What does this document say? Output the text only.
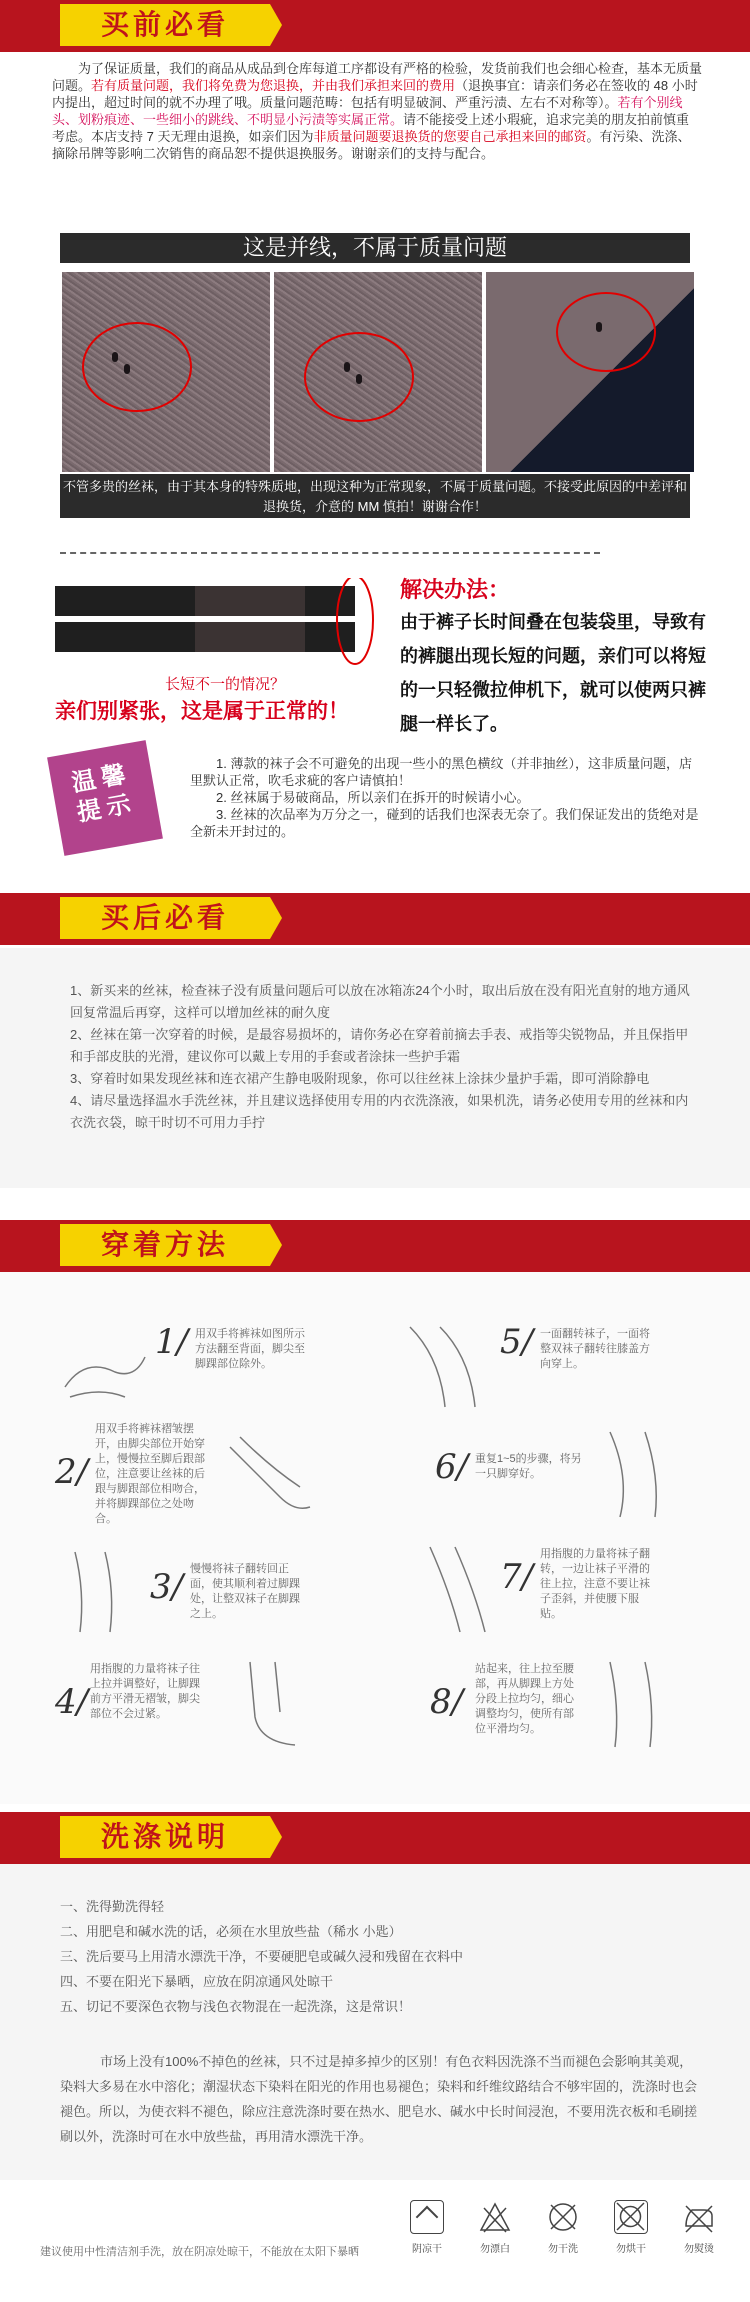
买前必看
为了保证质量，我们的商品从成品到仓库每道工序都设有严格的检验，发货前我们也会细心检查，基本无质量问题。若有质量问题，我们将免费为您退换，并由我们承担来回的费用（退换事宜：请亲们务必在签收的 48 小时内提出，超过时间的就不办理了哦。质量问题范畴：包括有明显破洞、严重污渍、左右不对称等）。若有个别线头、划粉痕迹、一些细小的跳线、不明显小污渍等实属正常。请不能接受上述小瑕疵，追求完美的朋友拍前慎重考虑。本店支持 7 天无理由退换，如亲们因为非质量问题要退换货的您要自己承担来回的邮资。有污染、洗涤、摘除吊牌等影响二次销售的商品恕不提供退换服务。谢谢亲们的支持与配合。
这是并线，不属于质量问题
不管多贵的丝袜，由于其本身的特殊质地，出现这种为正常现象，不属于质量问题。不接受此原因的中差评和退换货，介意的 MM 慎拍！谢谢合作！
长短不一的情况？
亲们别紧张，这是属于正常的！
解决办法：
由于裤子长时间叠在包装袋里，导致有的裤腿出现长短的问题，亲们可以将短的一只轻微拉伸机下，就可以使两只裤腿一样长了。
温馨提示
1. 薄款的袜子会不可避免的出现一些小的黑色横纹（并非抽丝），这非质量问题，店里默认正常，吹毛求疵的客户请慎拍！
2. 丝袜属于易破商品，所以亲们在拆开的时候请小心。
3. 丝袜的次品率为万分之一，碰到的话我们也深表无奈了。我们保证发出的货绝对是全新未开封过的。
买后必看
1、新买来的丝袜，检查袜子没有质量问题后可以放在冰箱冻24个小时，取出后放在没有阳光直射的地方通风回复常温后再穿，这样可以增加丝袜的耐久度
2、丝袜在第一次穿着的时候，是最容易损坏的，请你务必在穿着前摘去手表、戒指等尖锐物品，并且保指甲和手部皮肤的光滑，建议你可以戴上专用的手套或者涂抹一些护手霜
3、穿着时如果发现丝袜和连衣裙产生静电吸附现象，你可以往丝袜上涂抹少量护手霜，即可消除静电
4、请尽量选择温水手洗丝袜，并且建议选择使用专用的内衣洗涤液，如果机洗，请务必使用专用的丝袜和内衣洗衣袋，晾干时切不可用力手拧
穿着方法
1/ 用双手将裤袜如图所示方法翻至背面，脚尖至脚踝部位除外。
2/
用双手将裤袜褶皱摆开，由脚尖部位开始穿上，慢慢拉至脚后跟部位，注意要让丝袜的后跟与脚跟部位相吻合，并将脚踝部位之处吻合。
3/ 慢慢将袜子翻转回正面，使其顺利着过脚踝处，让整双袜子在脚踝之上。
4/
用指腹的力量将袜子往上拉并调整好，让脚踝前方平滑无褶皱，脚尖部位不会过紧。
5/ 一面翻转袜子，一面将整双袜子翻转往膝盖方向穿上。
6/ 重复1~5的步骤，将另一只脚穿好。
7/
用指腹的力量将袜子翻转，一边让袜子平滑的往上拉，注意不要让袜子歪斜，并使腰下服贴。
8/
站起来，往上拉至腰部，再从脚踝上方处分段上拉均匀，细心调整均匀，使所有部位平滑均匀。
洗涤说明
一、洗得勤洗得轻
二、用肥皂和碱水洗的话，必须在水里放些盐（稀水 小匙）
三、洗后要马上用清水漂洗干净，不要硬肥皂或碱久浸和残留在衣料中
四、不要在阳光下暴晒，应放在阴凉通风处晾干
五、切记不要深色衣物与浅色衣物混在一起洗涤，这是常识！
市场上没有100%不掉色的丝袜，只不过是掉多掉少的区别！有色衣料因洗涤不当而褪色会影响其美观，染料大多易在水中溶化；潮湿状态下染料在阳光的作用也易褪色；染料和纤维纹路结合不够牢固的，洗涤时也会褪色。所以，为使衣料不褪色，除应注意洗涤时要在热水、肥皂水、碱水中长时间浸泡，不要用洗衣板和毛刷搓刷以外，洗涤时可在水中放些盐，再用清水漂洗干净。
建议使用中性清洁剂手洗，放在阴凉处晾干，不能放在太阳下暴晒	阴凉干	勿漂白	勿干洗	勿烘干	勿熨烫
